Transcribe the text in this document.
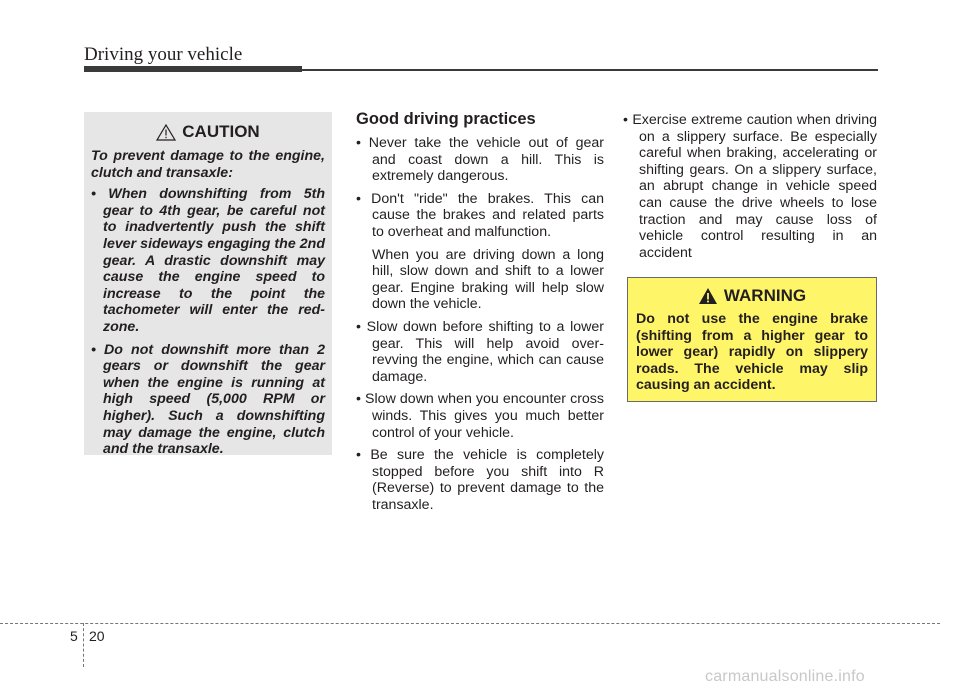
Driving your vehicle
CAUTION

To prevent damage to the engine, clutch and transaxle:

• When downshifting from 5th gear to 4th gear, be careful not to inadvertently push the shift lever sideways engaging the 2nd gear. A drastic downshift may cause the engine speed to increase to the point the tachometer will enter the red-zone.
• Do not downshift more than 2 gears or downshift the gear when the engine is running at high speed (5,000 RPM or higher). Such a downshifting may damage the engine, clutch and the transaxle.
Good driving practices
• Never take the vehicle out of gear and coast down a hill. This is extremely dangerous.
• Don't "ride" the brakes. This can cause the brakes and related parts to overheat and malfunction.
When you are driving down a long hill, slow down and shift to a lower gear. Engine braking will help slow down the vehicle.
• Slow down before shifting to a lower gear. This will help avoid over-revving the engine, which can cause damage.
• Slow down when you encounter cross winds. This gives you much better control of your vehicle.
• Be sure the vehicle is completely stopped before you shift into R (Reverse) to prevent damage to the transaxle.
• Exercise extreme caution when driving on a slippery surface. Be especially careful when braking, accelerating or shifting gears. On a slippery surface, an abrupt change in vehicle speed can cause the drive wheels to lose traction and may cause loss of vehicle control resulting in an accident
WARNING

Do not use the engine brake (shifting from a higher gear to lower gear) rapidly on slippery roads. The vehicle may slip causing an accident.

5 20
carmanualsonline.info
